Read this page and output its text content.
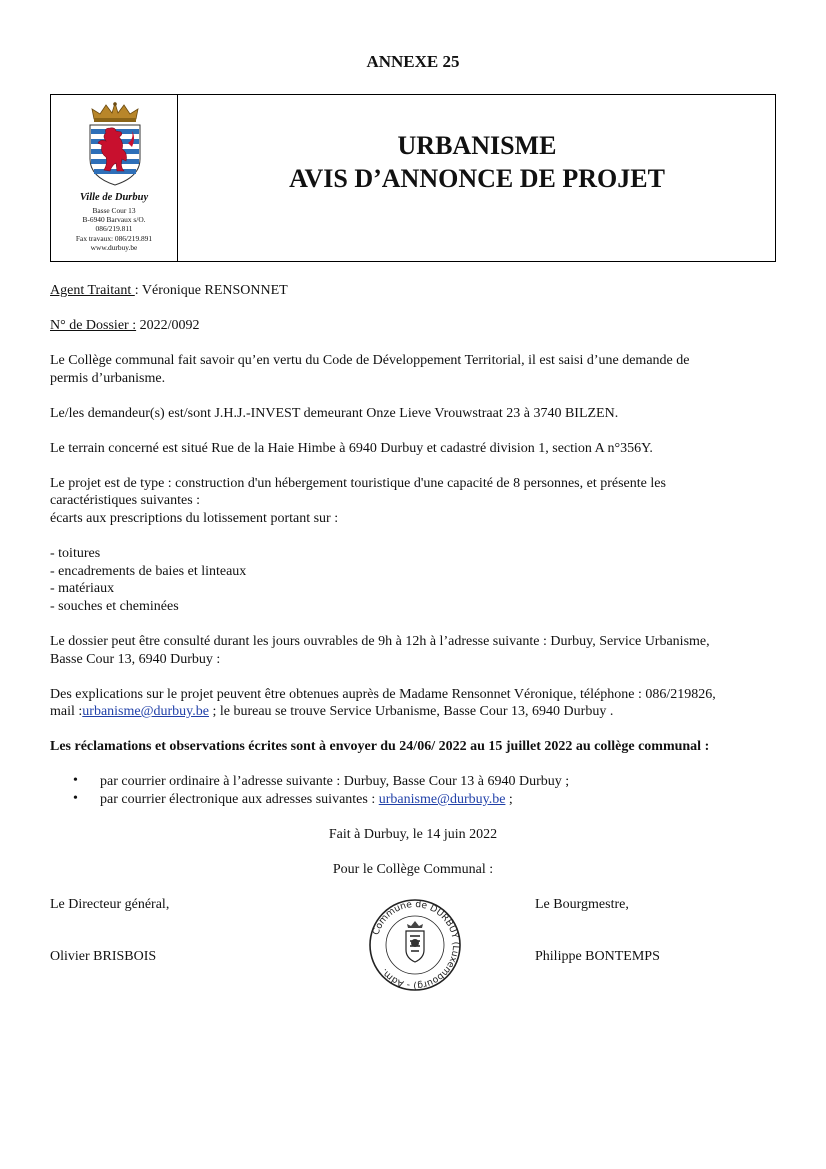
ANNEXE 25
Ville de Durbuy
Basse Cour 13
B-6940 Barvaux s/O.
086/219.811
Fax travaux: 086/219.891
www.durbuy.be
URBANISME
AVIS D’ANNONCE DE PROJET
Agent Traitant : Véronique RENSONNET
N° de Dossier : 2022/0092
Le Collège communal fait savoir qu’en vertu du Code de Développement Territorial, il est saisi d’une demande de
permis d’urbanisme.
Le/les demandeur(s) est/sont J.H.J.-INVEST demeurant Onze Lieve Vrouwstraat 23 à 3740 BILZEN.
Le terrain concerné est situé Rue de la Haie Himbe à 6940 Durbuy et cadastré division 1, section A n°356Y.
Le projet est de type : construction d'un hébergement touristique d'une capacité de 8 personnes, et présente les
caractéristiques suivantes :
écarts aux prescriptions du lotissement portant sur :
- toitures
- encadrements de baies et linteaux
- matériaux
- souches et cheminées
Le dossier peut être consulté durant les jours ouvrables de 9h à 12h à l’adresse suivante : Durbuy, Service Urbanisme,
Basse Cour 13, 6940 Durbuy :
Des explications sur le projet peuvent être obtenues auprès de Madame Rensonnet Véronique, téléphone : 086/219826,
mail :urbanisme@durbuy.be ; le bureau se trouve Service Urbanisme, Basse Cour 13, 6940 Durbuy .
Les réclamations et observations écrites sont à envoyer du 24/06/ 2022 au 15 juillet 2022 au collège communal :
• par courrier ordinaire à l’adresse suivante : Durbuy, Basse Cour 13 à 6940 Durbuy ;
• par courrier électronique aux adresses suivantes : urbanisme@durbuy.be ;
Fait à Durbuy, le 14 juin 2022
Pour le Collège Communal :
Le Directeur général,
Olivier BRISBOIS
Le Bourgmestre,
Philippe BONTEMPS
Commune de DURBUY (Luxembourg) - Adm.
